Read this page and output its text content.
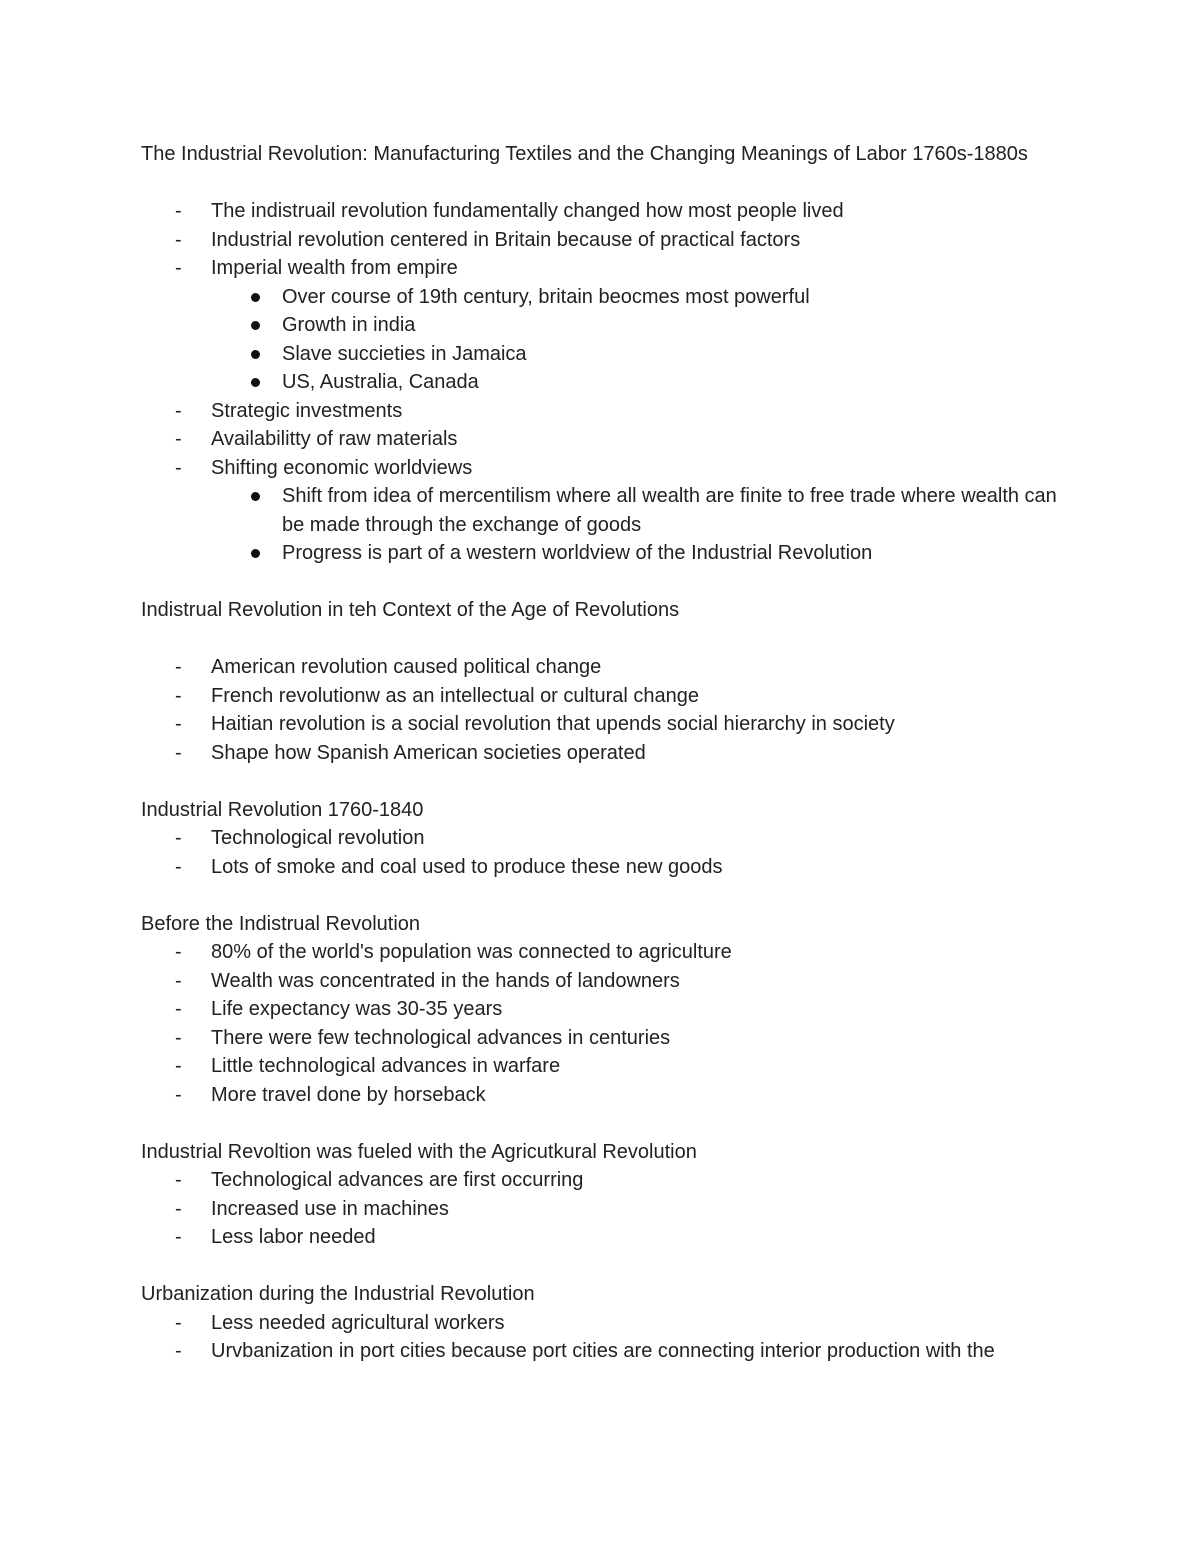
The Industrial Revolution: Manufacturing Textiles and the Changing Meanings of Labor 1760s-1880s

- The indistruail revolution fundamentally changed how most people lived
- Industrial revolution centered in Britain because of practical factors
- Imperial wealth from empire
Over course of 19th century, britain beocmes most powerful
Growth in india
Slave succieties in Jamaica
US, Australia, Canada
- Strategic investments
- Availabilitty of raw materials
- Shifting economic worldviews
Shift from idea of mercentilism where all wealth are finite to free trade where wealth can be made through the exchange of goods
Progress is part of a western worldview of the Industrial Revolution

Indistrual Revolution in teh Context of the Age of Revolutions

- American revolution caused political change
- French revolutionw as an intellectual or cultural change
- Haitian revolution is a social revolution that upends social hierarchy in society
- Shape how Spanish American societies operated

Industrial Revolution 1760-1840

- Technological revolution
- Lots of smoke and coal used to produce these new goods

Before the Indistrual Revolution

- 80% of the world's population was connected to agriculture
- Wealth was concentrated in the hands of landowners
- Life expectancy was 30-35 years
- There were few technological advances in centuries
- Little technological advances in warfare
- More travel done by horseback

Industrial Revoltion was fueled with the Agricutkural Revolution

- Technological advances are first occurring
- Increased use in machines
- Less labor needed

Urbanization during the Industrial Revolution

- Less needed agricultural workers
- Urvbanization in port cities because port cities are connecting interior production with the
